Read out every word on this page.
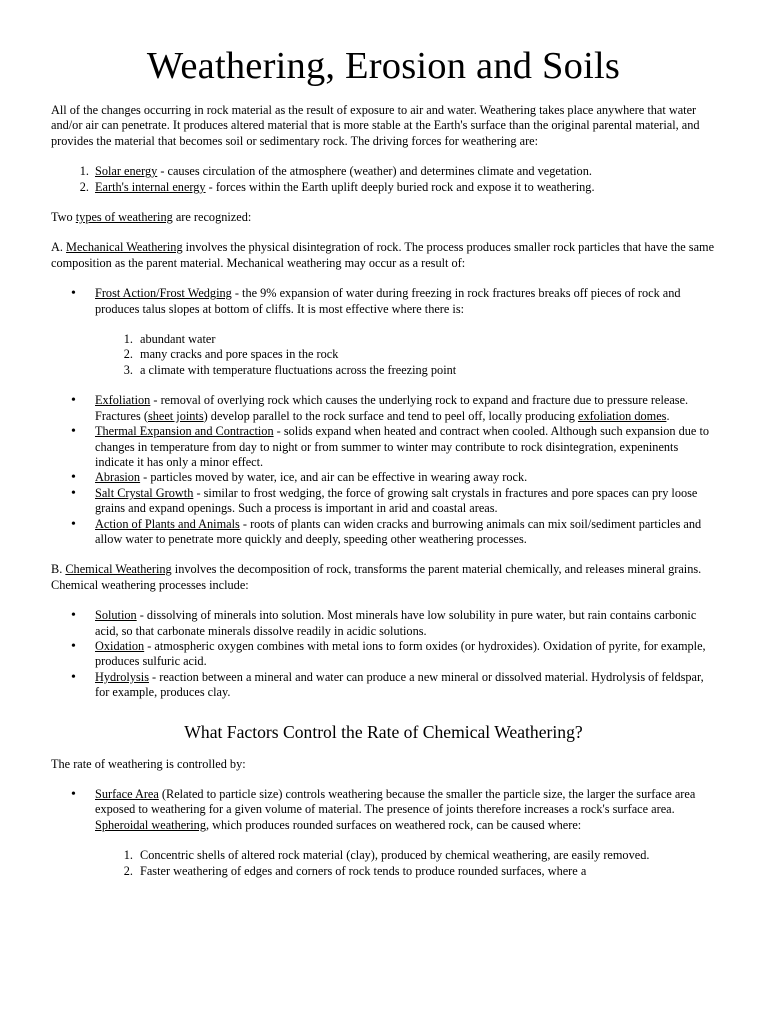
Weathering, Erosion and Soils

All of the changes occurring in rock material as the result of exposure to air and water. Weathering takes place anywhere that water and/or air can penetrate. It produces altered material that is more stable at the Earth's surface than the original parental material, and provides the material that becomes soil or sedimentary rock. The driving forces for weathering are:

1. Solar energy - causes circulation of the atmosphere (weather) and determines climate and vegetation.
2. Earth's internal energy - forces within the Earth uplift deeply buried rock and expose it to weathering.

Two types of weathering are recognized:

A. Mechanical Weathering involves the physical disintegration of rock. The process produces smaller rock particles that have the same composition as the parent material. Mechanical weathering may occur as a result of:

• Frost Action/Frost Wedging - the 9% expansion of water during freezing in rock fractures breaks off pieces of rock and produces talus slopes at bottom of cliffs. It is most effective where there is:
1. abundant water
2. many cracks and pore spaces in the rock
3. a climate with temperature fluctuations across the freezing point
• Exfoliation - removal of overlying rock which causes the underlying rock to expand and fracture due to pressure release. Fractures (sheet joints) develop parallel to the rock surface and tend to peel off, locally producing exfoliation domes.
• Thermal Expansion and Contraction - solids expand when heated and contract when cooled. Although such expansion due to changes in temperature from day to night or from summer to winter may contribute to rock disintegration, expeninents indicate it has only a minor effect.
• Abrasion - particles moved by water, ice, and air can be effective in wearing away rock.
• Salt Crystal Growth - similar to frost wedging, the force of growing salt crystals in fractures and pore spaces can pry loose grains and expand openings. Such a process is important in arid and coastal areas.
• Action of Plants and Animals - roots of plants can widen cracks and burrowing animals can mix soil/sediment particles and allow water to penetrate more quickly and deeply, speeding other weathering processes.

B. Chemical Weathering involves the decomposition of rock, transforms the parent material chemically, and releases mineral grains. Chemical weathering processes include:

• Solution - dissolving of minerals into solution. Most minerals have low solubility in pure water, but rain contains carbonic acid, so that carbonate minerals dissolve readily in acidic solutions.
• Oxidation - atmospheric oxygen combines with metal ions to form oxides (or hydroxides). Oxidation of pyrite, for example, produces sulfuric acid.
• Hydrolysis - reaction between a mineral and water can produce a new mineral or dissolved material. Hydrolysis of feldspar, for example, produces clay.
What Factors Control the Rate of Chemical Weathering?

The rate of weathering is controlled by:

• Surface Area (Related to particle size) controls weathering because the smaller the particle size, the larger the surface area exposed to weathering for a given volume of material. The presence of joints therefore increases a rock's surface area. Spheroidal weathering, which produces rounded surfaces on weathered rock, can be caused where:
1. Concentric shells of altered rock material (clay), produced by chemical weathering, are easily removed.
2. Faster weathering of edges and corners of rock tends to produce rounded surfaces, where a
